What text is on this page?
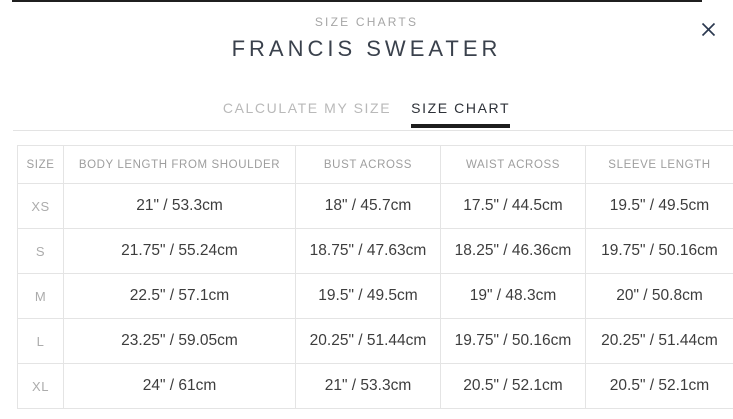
SIZE CHARTS
FRANCIS SWEATER
CALCULATE MY SIZE SIZE CHART
SIZE	BODY LENGTH FROM SHOULDER	BUST ACROSS	WAIST ACROSS	SLEEVE LENGTH
XS	21" / 53.3cm	18" / 45.7cm	17.5" / 44.5cm	19.5" / 49.5cm
S	21.75" / 55.24cm	18.75" / 47.63cm	18.25" / 46.36cm	19.75" / 50.16cm
M	22.5" / 57.1cm	19.5" / 49.5cm	19" / 48.3cm	20" / 50.8cm
L	23.25" / 59.05cm	20.25" / 51.44cm	19.75" / 50.16cm	20.25" / 51.44cm
XL	24" / 61cm	21" / 53.3cm	20.5" / 52.1cm	20.5" / 52.1cm
